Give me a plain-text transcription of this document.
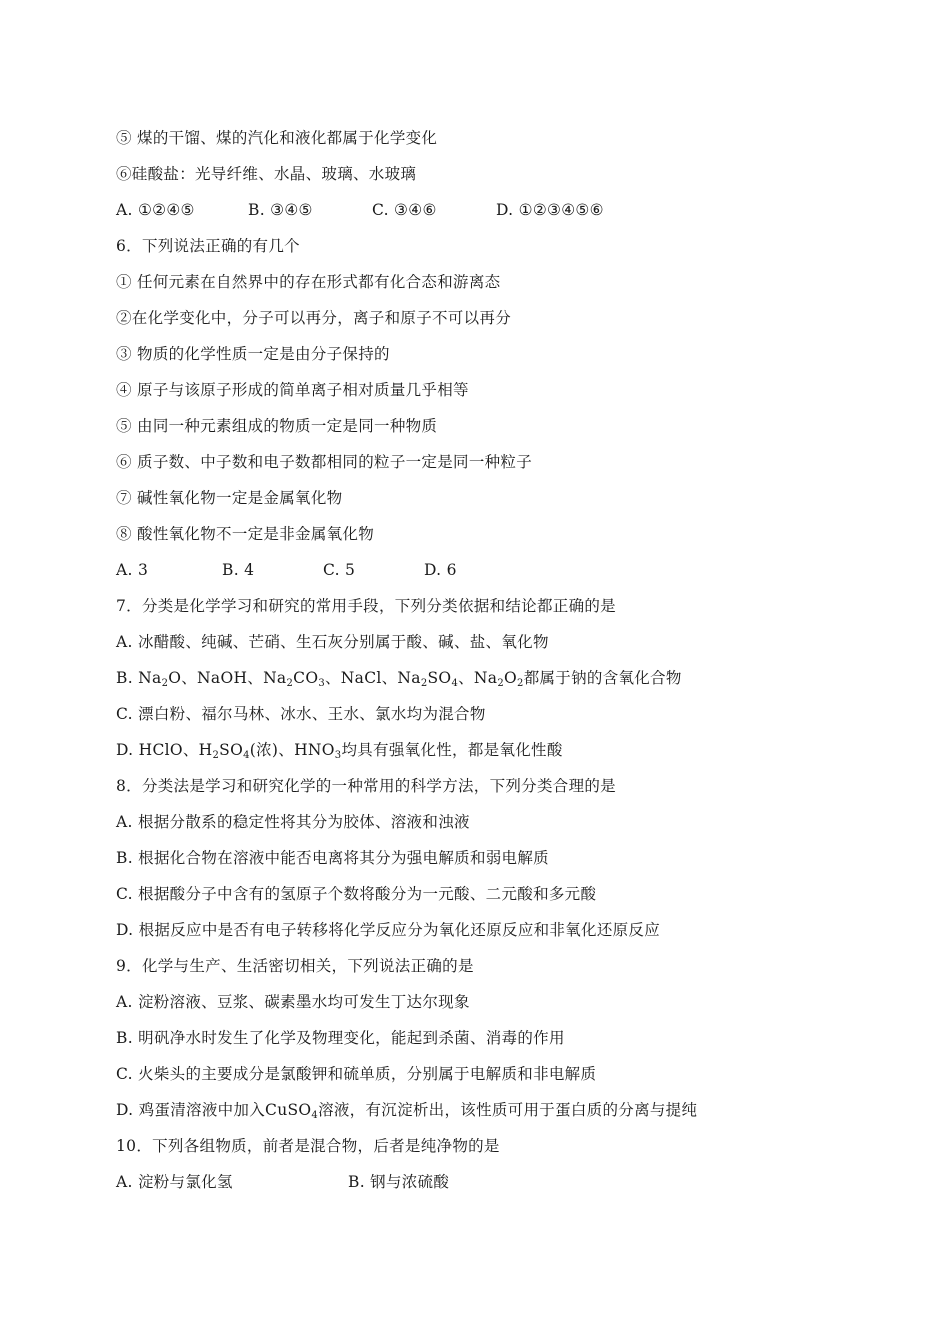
⑤ 煤的干馏、煤的汽化和液化都属于化学变化
⑥硅酸盐：光导纤维、水晶、玻璃、水玻璃
A. ①②④⑤	B. ③④⑤	C. ③④⑥	D. ①②③④⑤⑥
6．下列说法正确的有几个
① 任何元素在自然界中的存在形式都有化合态和游离态
②在化学变化中，分子可以再分，离子和原子不可以再分
③ 物质的化学性质一定是由分子保持的
④ 原子与该原子形成的简单离子相对质量几乎相等
⑤ 由同一种元素组成的物质一定是同一种物质
⑥ 质子数、中子数和电子数都相同的粒子一定是同一种粒子
⑦ 碱性氧化物一定是金属氧化物
⑧ 酸性氧化物不一定是非金属氧化物
A. 3	B. 4	C. 5	D. 6
7．分类是化学学习和研究的常用手段，下列分类依据和结论都正确的是
A. 冰醋酸、纯碱、芒硝、生石灰分别属于酸、碱、盐、氧化物
B. $Na_2O$、NaOH、$Na_2CO_3$、NaCl、$Na_2SO_4$、$Na_2O_2$都属于钠的含氧化合物
C. 漂白粉、福尔马林、冰水、王水、氯水均为混合物
D. HClO、$H_2SO_4$(浓)、$HNO_3$均具有强氧化性，都是氧化性酸
8．分类法是学习和研究化学的一种常用的科学方法，下列分类合理的是
A. 根据分散系的稳定性将其分为胶体、溶液和浊液
B. 根据化合物在溶液中能否电离将其分为强电解质和弱电解质
C. 根据酸分子中含有的氢原子个数将酸分为一元酸、二元酸和多元酸
D. 根据反应中是否有电子转移将化学反应分为氧化还原反应和非氧化还原反应
9．化学与生产、生活密切相关，下列说法正确的是
A. 淀粉溶液、豆浆、碳素墨水均可发生丁达尔现象
B. 明矾净水时发生了化学及物理变化，能起到杀菌、消毒的作用
C. 火柴头的主要成分是氯酸钾和硫单质，分别属于电解质和非电解质
D. 鸡蛋清溶液中加入CuSO$_4$溶液，有沉淀析出，该性质可用于蛋白质的分离与提纯
10．下列各组物质，前者是混合物，后者是纯净物的是
A. 淀粉与氯化氢	B. 钢与浓硫酸
